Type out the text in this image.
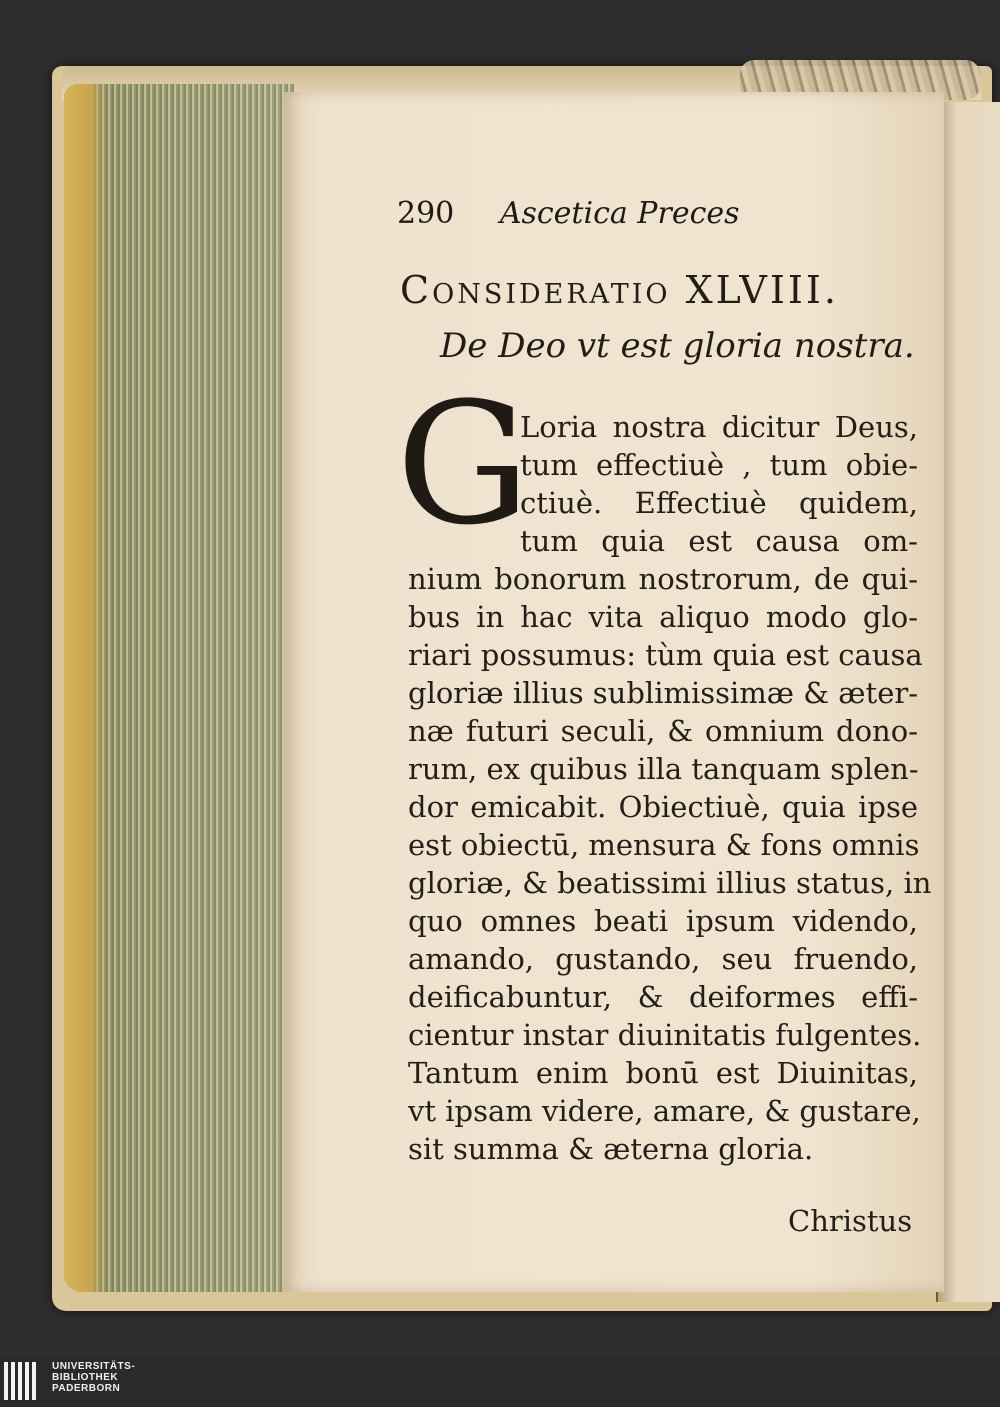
290 Ascetica Preces
Consideratio XLVIII.
De Deo vt est gloria nostra.
G
Loria nostra dicitur Deus,
tum effectiuè , tum obie-
ctiuè. Effectiuè quidem,
tum quia est causa om-
nium bonorum nostrorum, de qui-
bus in hac vita aliquo modo glo-
riari possumus: tùm quia est causa
gloriæ illius sublimissimæ & æter-
næ futuri seculi, & omnium dono-
rum, ex quibus illa tanquam splen-
dor emicabit. Obiectiuè, quia ipse
est obiectū, mensura & fons omnis
gloriæ, & beatissimi illius status, in
quo omnes beati ipsum videndo,
amando, gustando, seu fruendo,
deificabuntur, & deiformes effi-
cientur instar diuinitatis fulgentes.
Tantum enim bonū est Diuinitas,
vt ipsam videre, amare, & gustare,
sit summa & æterna gloria.
Christus
UNIVERSITÄTS-
BIBLIOTHEK
PADERBORN
